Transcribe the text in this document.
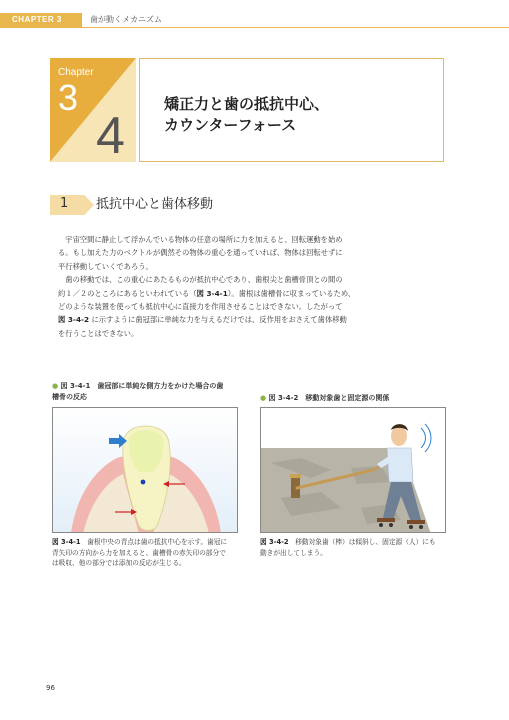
CHAPTER 3	歯が動くメカニズム
Chapter
3
4
矯正力と歯の抵抗中心、
カウンターフォース
1 抵抗中心と歯体移動
宇宙空間に静止して浮かんでいる物体の任意の場所に力を加えると、回転運動を始め
る。もし加えた力のベクトルが偶然その物体の重心を通っていれば、物体は回転せずに
平行移動していくであろう。
歯の移動では、この重心にあたるものが抵抗中心であり、歯根尖と歯槽骨頂との間の
約１／２のところにあるといわれている（図 3-4-1）。歯根は歯槽骨に収まっているため、
どのような装置を使っても抵抗中心に直接力を作用させることはできない。したがって
図 3-4-2 に示すように歯冠部に単純な力を与えるだけでは、反作用をおさえて歯体移動
を行うことはできない。
● 図 3-4-1　歯冠部に単純な側方力をかけた場合の歯
槽骨の反応
図 3-4-1　歯根中央の青点は歯の抵抗中心を示す。歯冠に
青矢印の方向から力を加えると、歯槽骨の赤矢印の部分で
は吸収、他の部分では添加の反応が生じる。
● 図 3-4-2　移動対象歯と固定源の関係
図 3-4-2　移動対象歯（棒）は傾斜し、固定源（人）にも
動きが出してしまう。
96
